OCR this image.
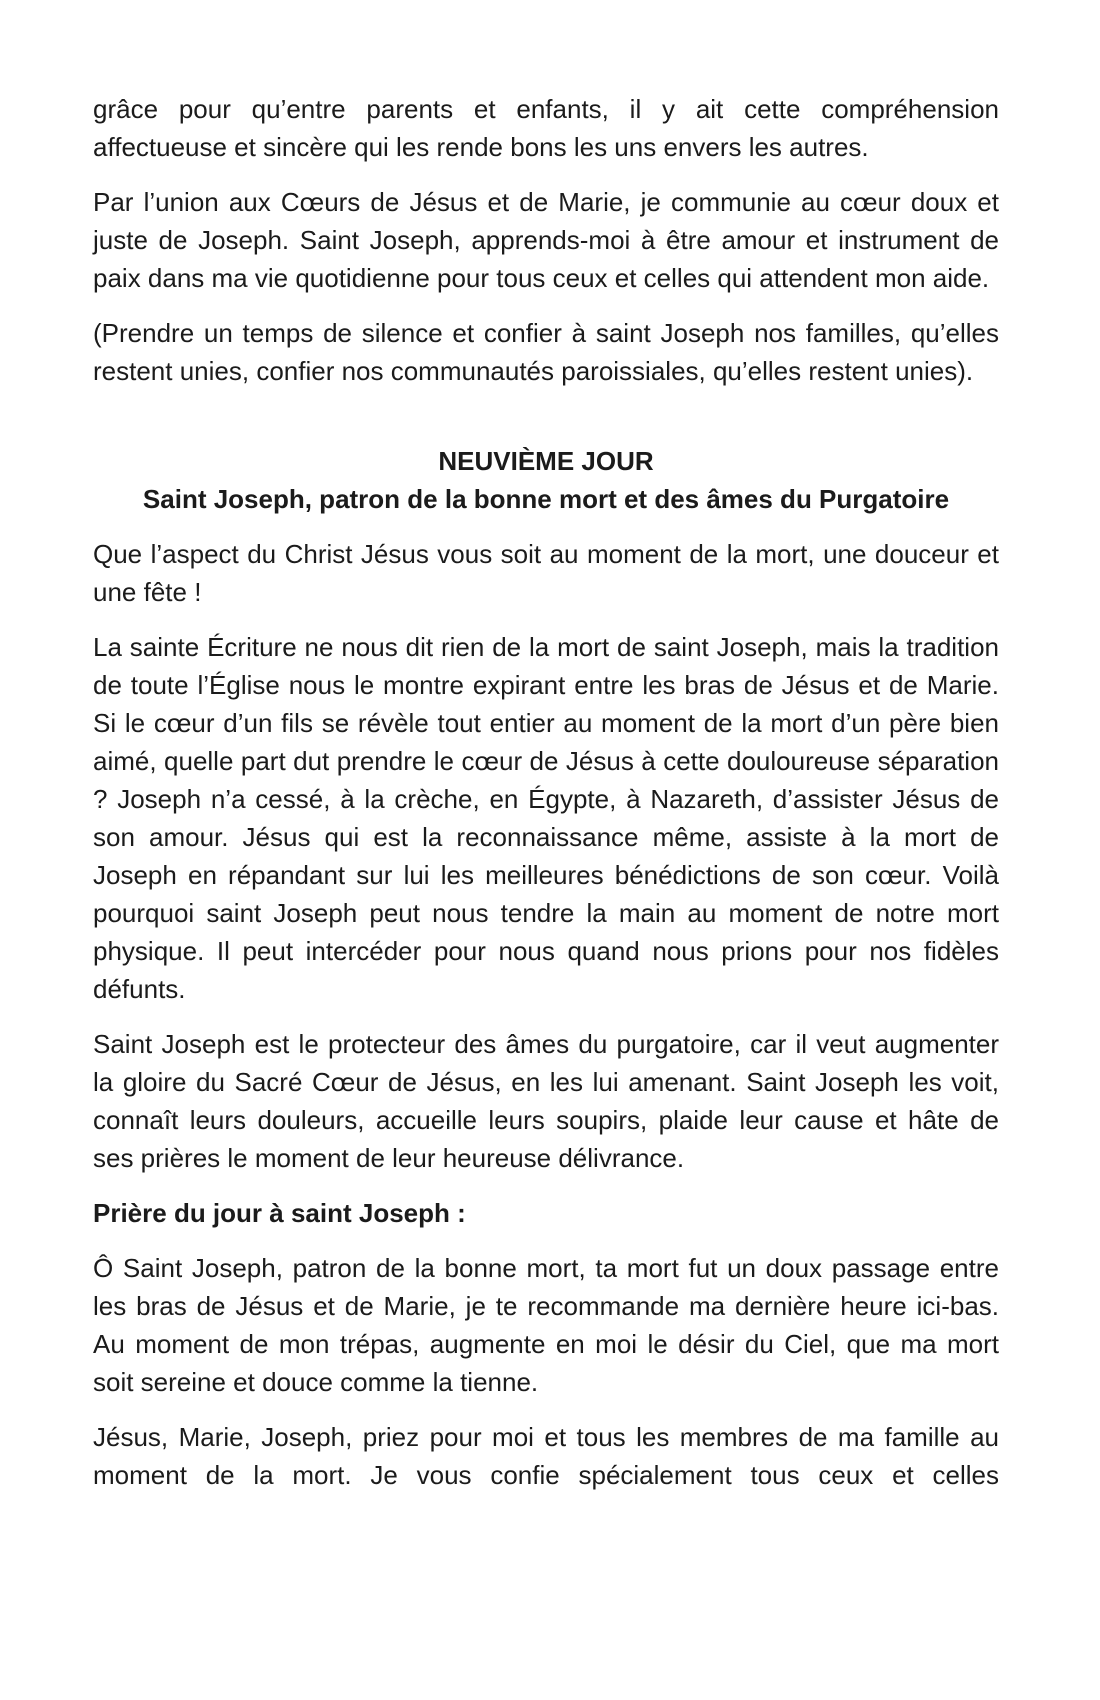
grâce pour qu’entre parents et enfants, il y ait cette compréhension affectueuse et sincère qui les rende bons les uns envers les autres.

Par l’union aux Cœurs de Jésus et de Marie, je communie au cœur doux et juste de Joseph. Saint Joseph, apprends-moi à être amour et instrument de paix dans ma vie quotidienne pour tous ceux et celles qui attendent mon aide.

(Prendre un temps de silence et confier à saint Joseph nos familles, qu’elles restent unies, confier nos communautés paroissiales, qu’elles restent unies).

NEUVIÈME JOUR
Saint Joseph, patron de la bonne mort et des âmes du Purgatoire

Que l’aspect du Christ Jésus vous soit au moment de la mort, une douceur et une fête !

La sainte Écriture ne nous dit rien de la mort de saint Joseph, mais la tradition de toute l’Église nous le montre expirant entre les bras de Jésus et de Marie. Si le cœur d’un fils se révèle tout entier au moment de la mort d’un père bien aimé, quelle part dut prendre le cœur de Jésus à cette douloureuse séparation ? Joseph n’a cessé, à la crèche, en Égypte, à Nazareth, d’assister Jésus de son amour. Jésus qui est la reconnaissance même, assiste à la mort de Joseph en répandant sur lui les meilleures bénédictions de son cœur. Voilà pourquoi saint Joseph peut nous tendre la main au moment de notre mort physique. Il peut intercéder pour nous quand nous prions pour nos fidèles défunts.

Saint Joseph est le protecteur des âmes du purgatoire, car il veut augmenter la gloire du Sacré Cœur de Jésus, en les lui amenant. Saint Joseph les voit, connaît leurs douleurs, accueille leurs soupirs, plaide leur cause et hâte de ses prières le moment de leur heureuse délivrance.

Prière du jour à saint Joseph :

Ô Saint Joseph, patron de la bonne mort, ta mort fut un doux passage entre les bras de Jésus et de Marie, je te recommande ma dernière heure ici-bas. Au moment de mon trépas, augmente en moi le désir du Ciel, que ma mort soit sereine et douce comme la tienne.

Jésus, Marie, Joseph, priez pour moi et tous les membres de ma famille au moment de la mort. Je vous confie spécialement tous ceux et celles
